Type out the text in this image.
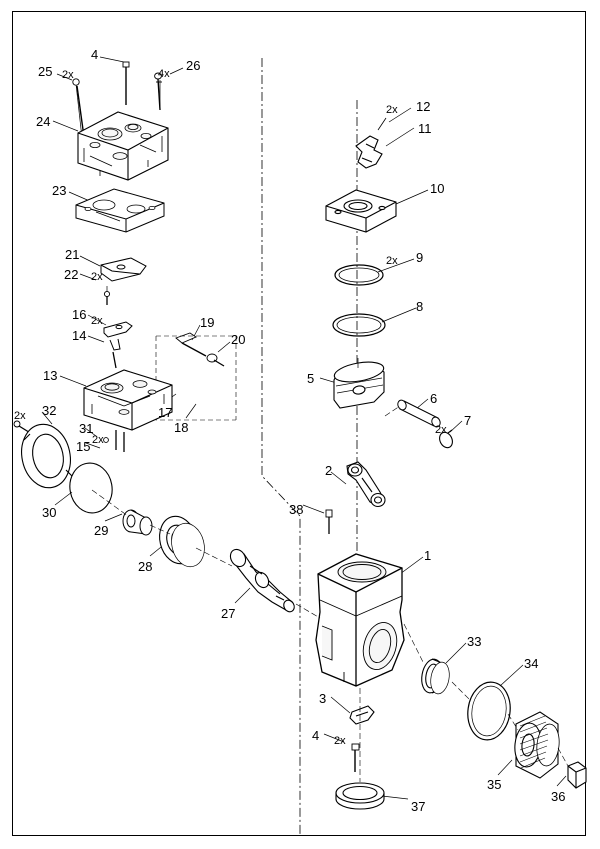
25
4
26
24
23
21
22
16
14
19
20
13
17
18
32
31
15
30
29
28
27
38
2
5
6
7
8
9
10
11
12
1
33
34
35
36
3
4
37
2x	4x
2x
2x
2x
2x
2x
2x
2x
2x
